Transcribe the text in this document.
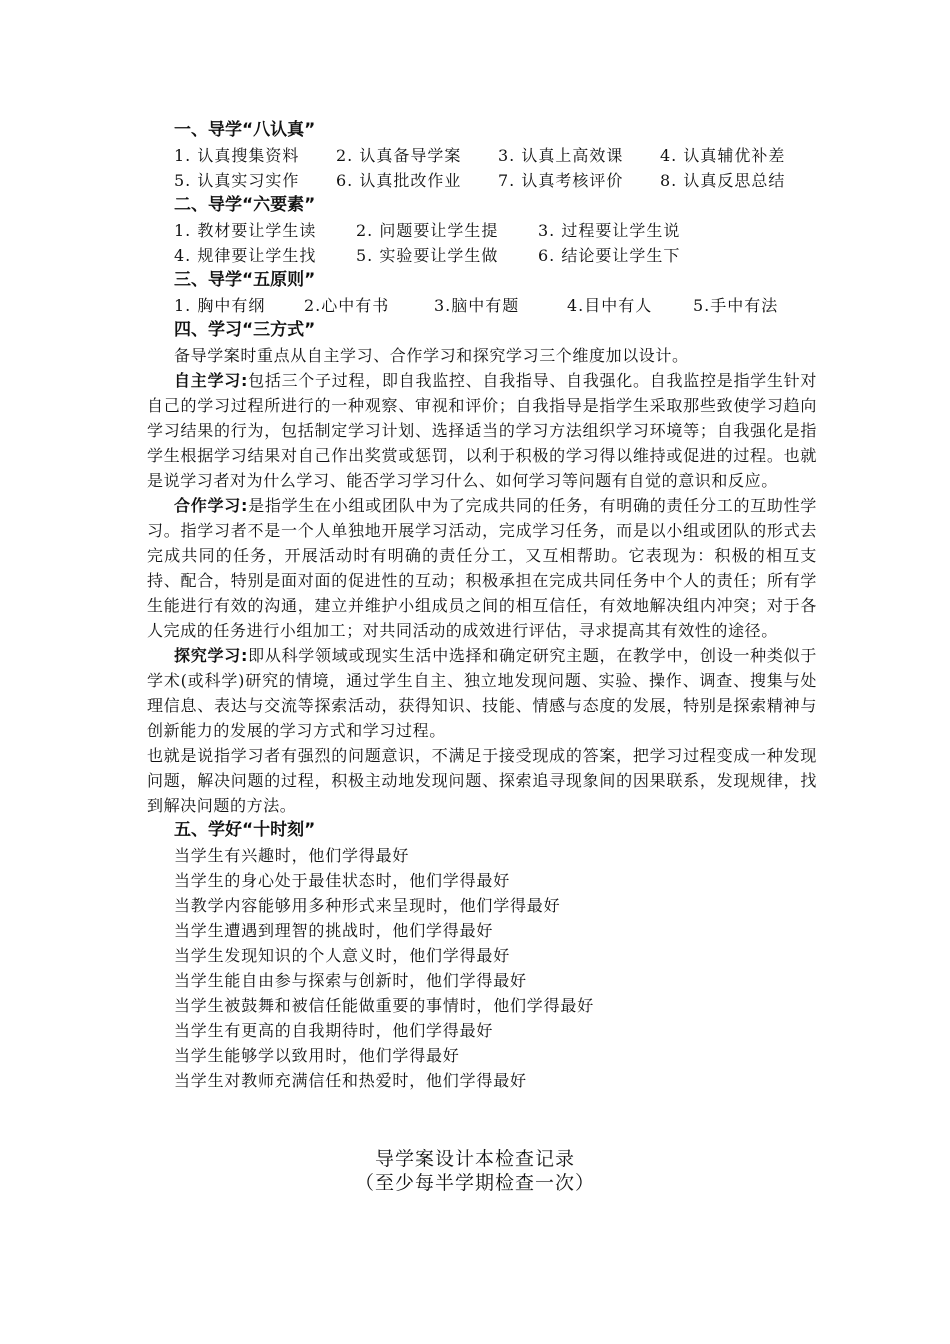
一、导学“八认真”
1. 认真搜集资料 2. 认真备导学案 3. 认真上高效课 4. 认真辅优补差
5. 认真实习实作 6. 认真批改作业 7. 认真考核评价 8. 认真反思总结
二、导学“六要素”
1. 教材要让学生读 2. 问题要让学生提 3. 过程要让学生说
4. 规律要让学生找 5. 实验要让学生做 6. 结论要让学生下
三、导学“五原则”
1. 胸中有纲 2.心中有书	3.脑中有题	4.目中有人	5.手中有法
四、学习“三方式”
备导学案时重点从自主学习、合作学习和探究学习三个维度加以设计。

自主学习:包括三个子过程，即自我监控、自我指导、自我强化。自我监控是指学生针对自己的学习过程所进行的一种观察、审视和评价；自我指导是指学生采取那些致使学习趋向学习结果的行为，包括制定学习计划、选择适当的学习方法组织学习环境等；自我强化是指学生根据学习结果对自己作出奖赏或惩罚，以利于积极的学习得以维持或促进的过程。也就是说学习者对为什么学习、能否学习学习什么、如何学习等问题有自觉的意识和反应。

合作学习:是指学生在小组或团队中为了完成共同的任务，有明确的责任分工的互助性学习。指学习者不是一个人单独地开展学习活动，完成学习任务，而是以小组或团队的形式去完成共同的任务，开展活动时有明确的责任分工，又互相帮助。它表现为：积极的相互支持、配合，特别是面对面的促进性的互动；积极承担在完成共同任务中个人的责任；所有学生能进行有效的沟通，建立并维护小组成员之间的相互信任，有效地解决组内冲突；对于各人完成的任务进行小组加工；对共同活动的成效进行评估，寻求提高其有效性的途径。

探究学习:即从科学领域或现实生活中选择和确定研究主题，在教学中，创设一种类似于学术(或科学)研究的情境，通过学生自主、独立地发现问题、实验、操作、调查、搜集与处理信息、表达与交流等探索活动，获得知识、技能、情感与态度的发展，特别是探索精神与创新能力的发展的学习方式和学习过程。

也就是说指学习者有强烈的问题意识，不满足于接受现成的答案，把学习过程变成一种发现问题，解决问题的过程，积极主动地发现问题、探索追寻现象间的因果联系，发现规律，找到解决问题的方法。

五、学好“十时刻”
当学生有兴趣时，他们学得最好
当学生的身心处于最佳状态时，他们学得最好
当教学内容能够用多种形式来呈现时，他们学得最好
当学生遭遇到理智的挑战时，他们学得最好
当学生发现知识的个人意义时，他们学得最好
当学生能自由参与探索与创新时，他们学得最好
当学生被鼓舞和被信任能做重要的事情时，他们学得最好
当学生有更高的自我期待时，他们学得最好
当学生能够学以致用时，他们学得最好
当学生对教师充满信任和热爱时，他们学得最好
导学案设计本检查记录
（至少每半学期检查一次）
